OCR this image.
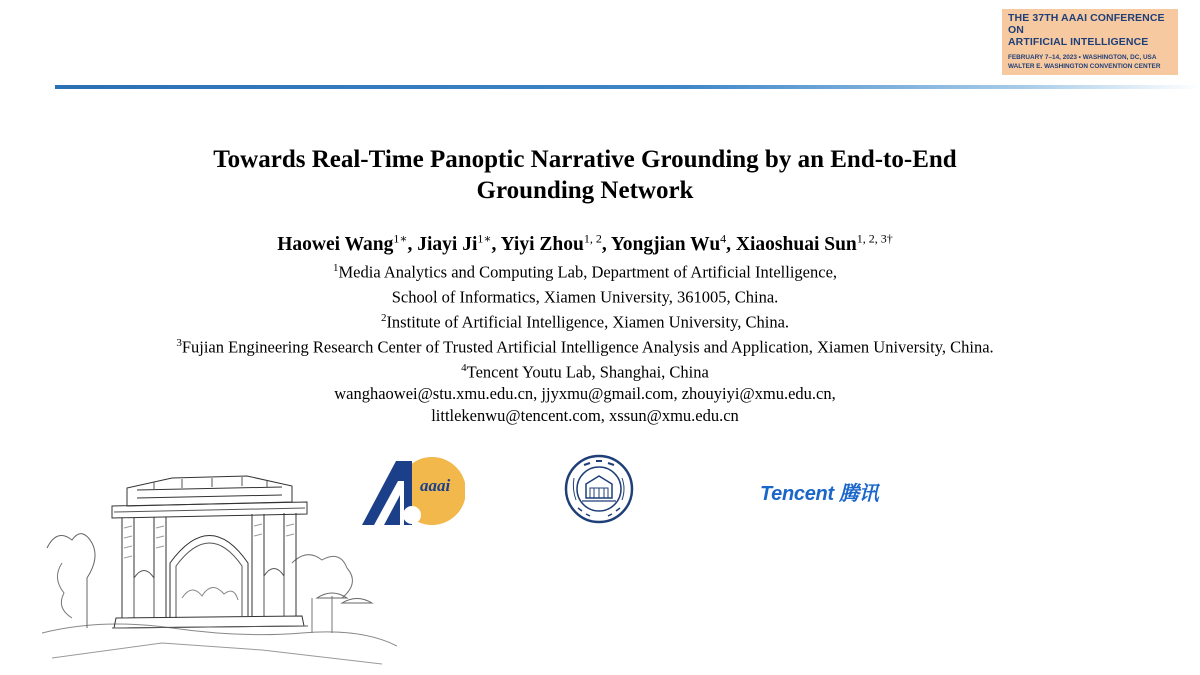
THE 37TH AAAI CONFERENCE ON
ARTIFICIAL INTELLIGENCE
FEBRUARY 7–14, 2023 • WASHINGTON, DC, USA
WALTER E. WASHINGTON CONVENTION CENTER
Towards Real-Time Panoptic Narrative Grounding by an End-to-End
Grounding Network
Haowei Wang$^{1∗}$, Jiayi $Ji^{1∗}$, Yiyi Zhou$^{1, 2}$, Yongjian Wu$^4$, Xiaoshuai Sun$^{1, 2, 3\dagger}$
$^1$Media Analytics and Computing Lab, Department of Artificial Intelligence,
School of Informatics, Xiamen University, 361005, China.
$^2$Institute of Artificial Intelligence, Xiamen University, China.
$^3$Fujian Engineering Research Center of Trusted Artificial Intelligence Analysis and Application, Xiamen University, China.
$^4$Tencent Youtu Lab, Shanghai, China
wanghaowei@stu.xmu.edu.cn, jjyxmu@gmail.com, zhouyiyi@xmu.edu.cn,
littlekenwu@tencent.com, xssun@xmu.edu.cn
aaai	Tencent 腾讯
